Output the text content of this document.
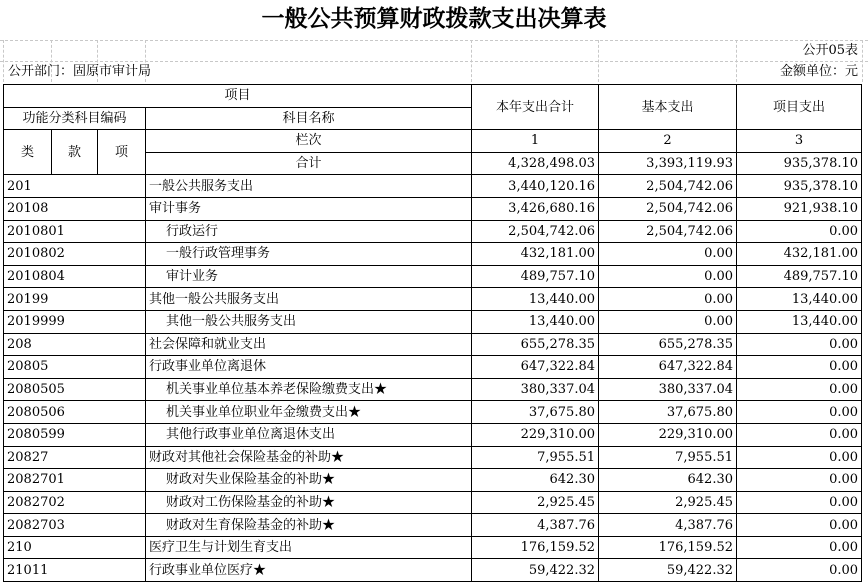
一般公共预算财政拨款支出决算表
公开05表
公开部门：固原市审计局	金额单位：元
项目				本年支出合计	基本支出	项目支出
功能分类科目编码			科目名称			
类	款	项	栏次	1	2	3
			合计	4,328,498.03	3,393,119.93	935,378.10
201			一般公共服务支出	3,440,120.16	2,504,742.06	935,378.10
20108			审计事务	3,426,680.16	2,504,742.06	921,938.10
2010801			行政运行	2,504,742.06	2,504,742.06	0.00
2010802			一般行政管理事务	432,181.00	0.00	432,181.00
2010804			审计业务	489,757.10	0.00	489,757.10
20199			其他一般公共服务支出	13,440.00	0.00	13,440.00
2019999			其他一般公共服务支出	13,440.00	0.00	13,440.00
208			社会保障和就业支出	655,278.35	655,278.35	0.00
20805			行政事业单位离退休	647,322.84	647,322.84	0.00
2080505			机关事业单位基本养老保险缴费支出★	380,337.04	380,337.04	0.00
2080506			机关事业单位职业年金缴费支出★	37,675.80	37,675.80	0.00
2080599			其他行政事业单位离退休支出	229,310.00	229,310.00	0.00
20827			财政对其他社会保险基金的补助★	7,955.51	7,955.51	0.00
2082701			财政对失业保险基金的补助★	642.30	642.30	0.00
2082702			财政对工伤保险基金的补助★	2,925.45	2,925.45	0.00
2082703			财政对生育保险基金的补助★	4,387.76	4,387.76	0.00
210			医疗卫生与计划生育支出	176,159.52	176,159.52	0.00
21011			行政事业单位医疗★	59,422.32	59,422.32	0.00
